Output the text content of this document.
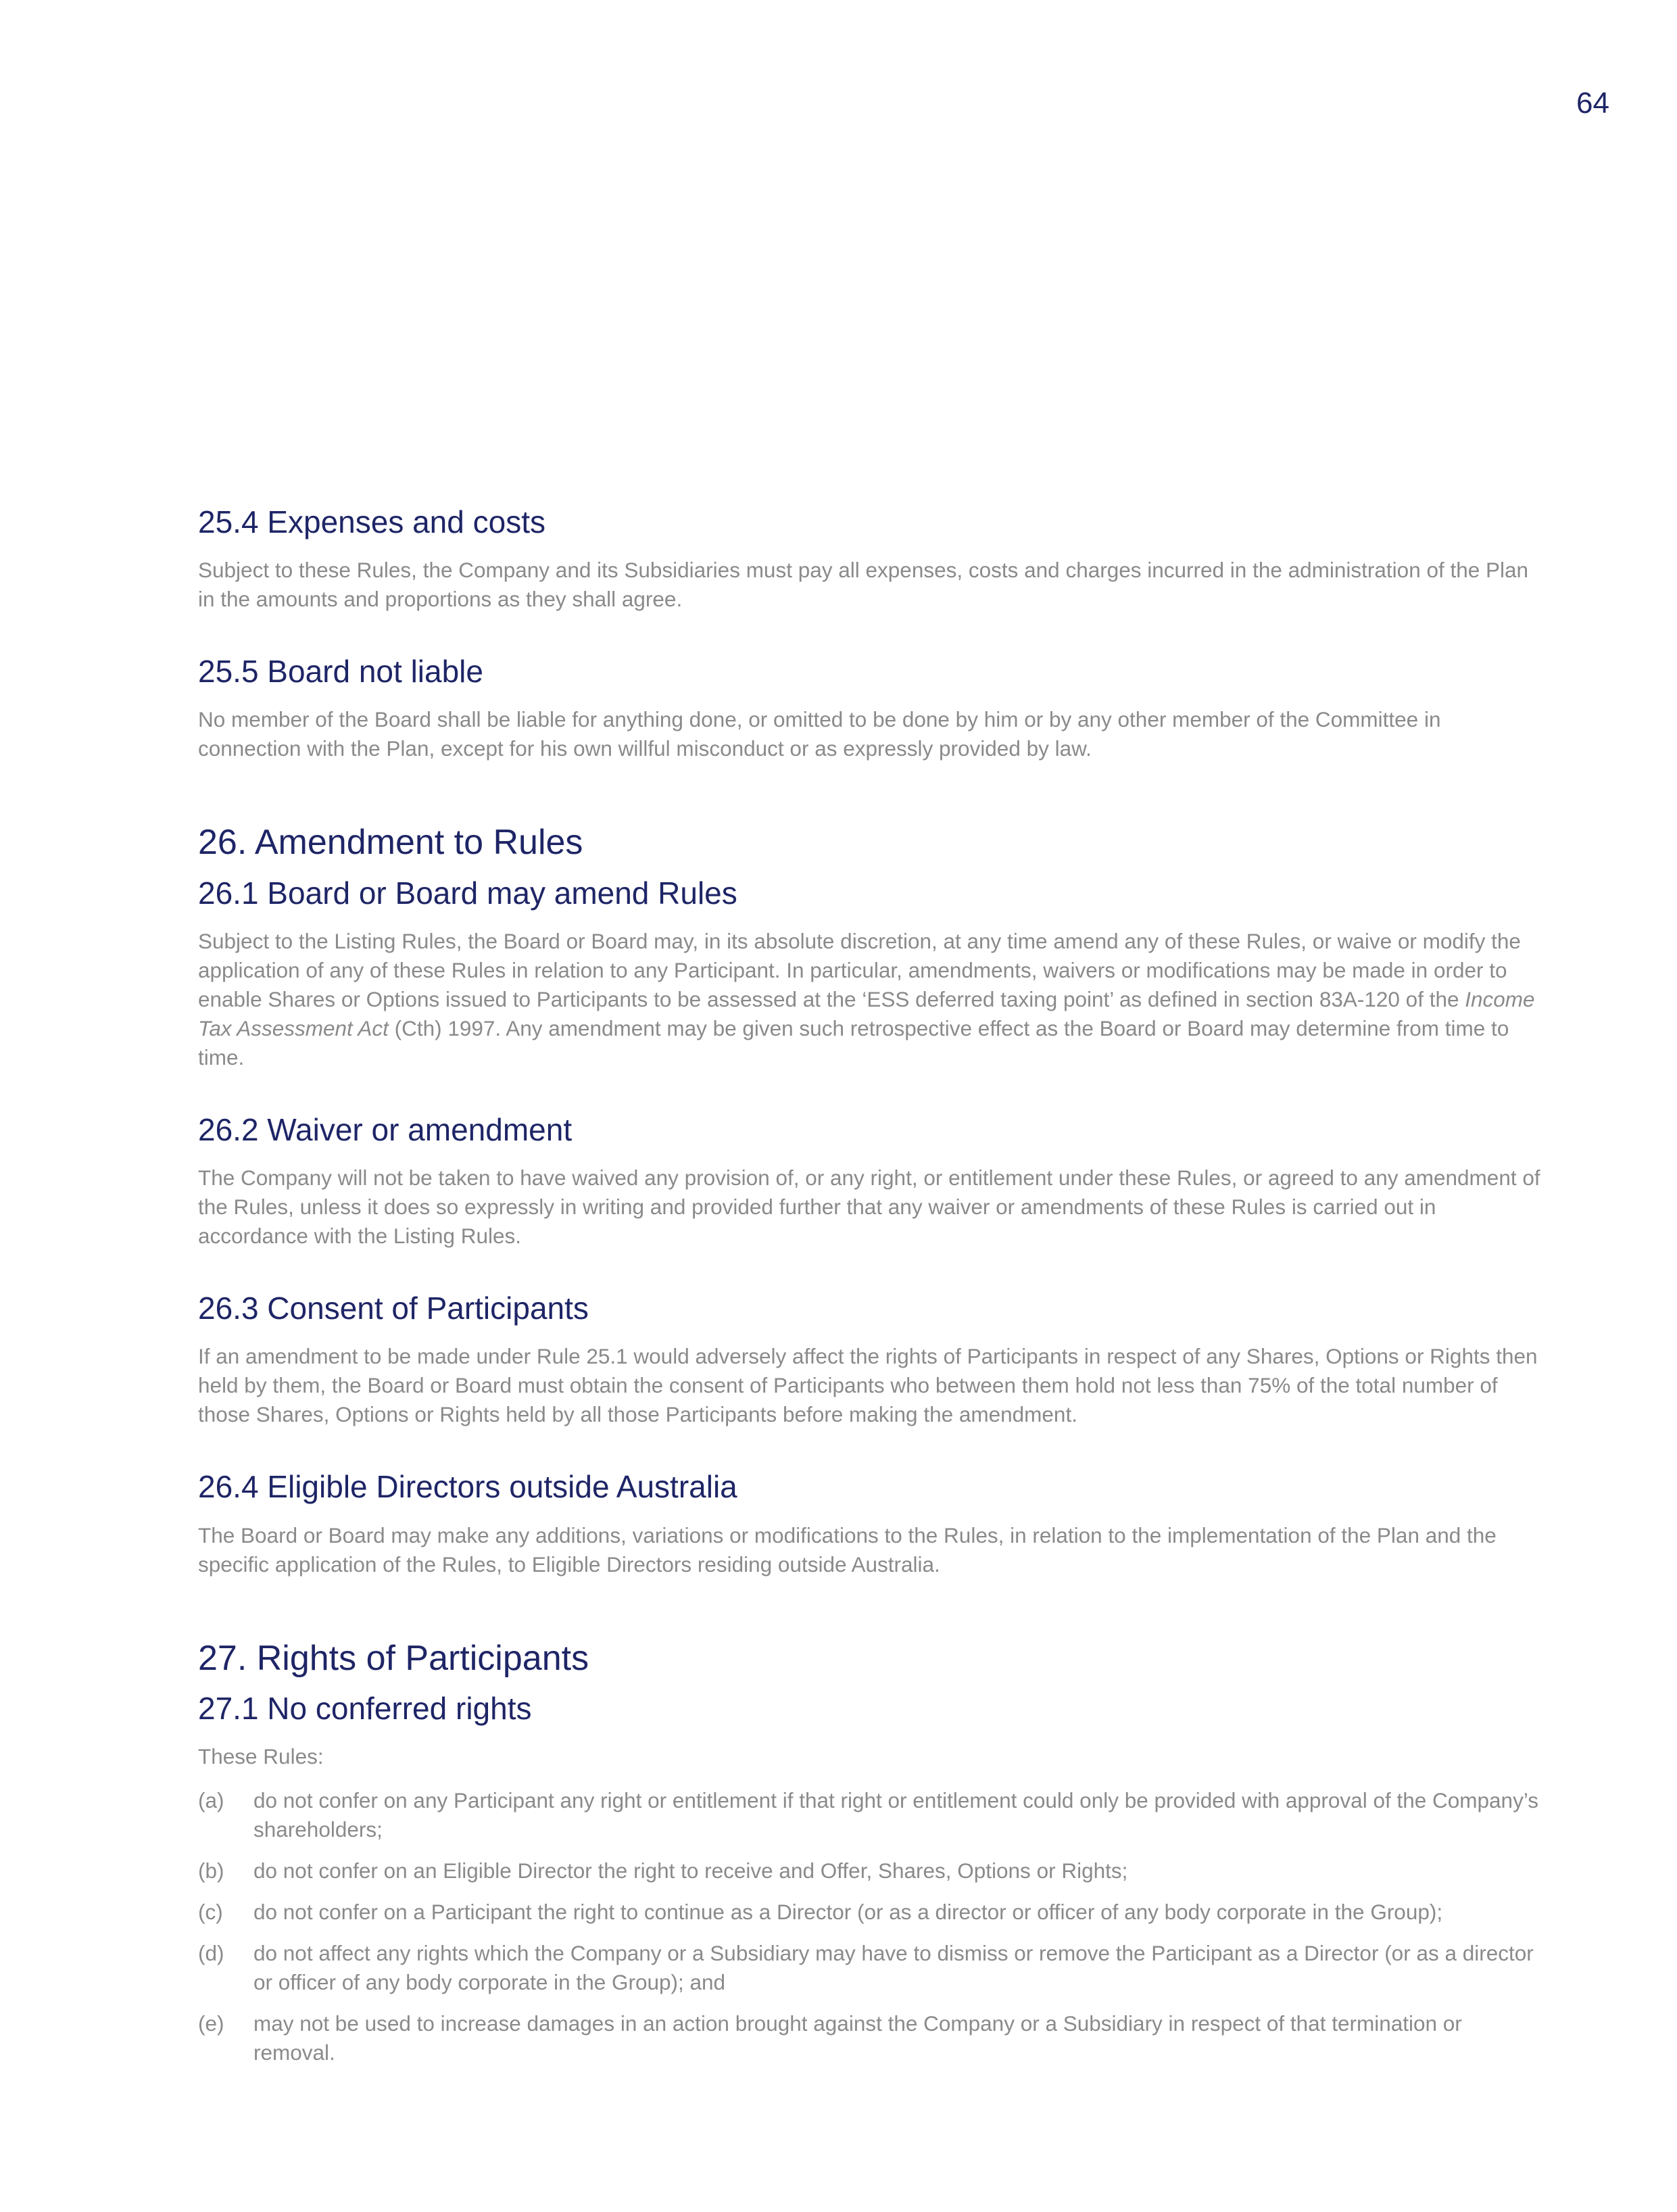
64
25.4 Expenses and costs

Subject to these Rules, the Company and its Subsidiaries must pay all expenses, costs and charges incurred in the administration of the Plan in the amounts and proportions as they shall agree.

25.5 Board not liable

No member of the Board shall be liable for anything done, or omitted to be done by him or by any other member of the Committee in connection with the Plan, except for his own willful misconduct or as expressly provided by law.

26. Amendment to Rules
26.1 Board or Board may amend Rules

Subject to the Listing Rules, the Board or Board may, in its absolute discretion, at any time amend any of these Rules, or waive or modify the application of any of these Rules in relation to any Participant. In particular, amendments, waivers or modifications may be made in order to enable Shares or Options issued to Participants to be assessed at the ‘ESS deferred taxing point’ as defined in section 83A-120 of the Income Tax Assessment Act (Cth) 1997. Any amendment may be given such retrospective effect as the Board or Board may determine from time to time.

26.2 Waiver or amendment

The Company will not be taken to have waived any provision of, or any right, or entitlement under these Rules, or agreed to any amendment of the Rules, unless it does so expressly in writing and provided further that any waiver or amendments of these Rules is carried out in accordance with the Listing Rules.

26.3 Consent of Participants

If an amendment to be made under Rule 25.1 would adversely affect the rights of Participants in respect of any Shares, Options or Rights then held by them, the Board or Board must obtain the consent of Participants who between them hold not less than 75% of the total number of those Shares, Options or Rights held by all those Participants before making the amendment.

26.4 Eligible Directors outside Australia

The Board or Board may make any additions, variations or modifications to the Rules, in relation to the implementation of the Plan and the specific application of the Rules, to Eligible Directors residing outside Australia.

27. Rights of Participants
27.1 No conferred rights

These Rules:

(a)	do not confer on any Participant any right or entitlement if that right or entitlement could only be provided with approval of the Company’s shareholders;
(b)	do not confer on an Eligible Director the right to receive and Offer, Shares, Options or Rights;
(c)	do not confer on a Participant the right to continue as a Director (or as a director or officer of any body corporate in the Group);
(d)	do not affect any rights which the Company or a Subsidiary may have to dismiss or remove the Participant as a Director (or as a director or officer of any body corporate in the Group); and
(e)	may not be used to increase damages in an action brought against the Company or a Subsidiary in respect of that termination or removal.
